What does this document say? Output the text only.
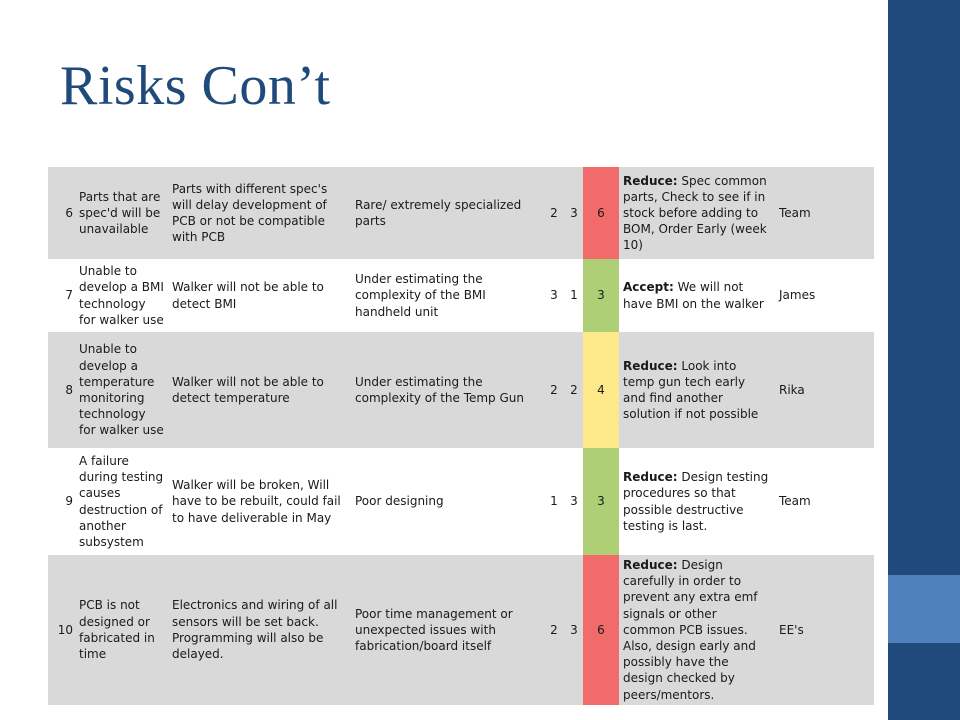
Risks Con’t
6	Parts that are spec'd will be unavailable	Parts with different spec's will delay development of PCB or not be compatible with PCB	Rare/ extremely specialized parts	2	3	6	Reduce: Spec common parts, Check to see if in stock before adding to BOM, Order Early (week 10)	Team
7	Unable to develop a BMI technology for walker use	Walker will not be able to detect BMI	Under estimating the complexity of the BMI handheld unit	3	1	3	Accept: We will not have BMI on the walker	James
8	Unable to develop a temperature monitoring technology for walker use	Walker will not be able to detect temperature	Under estimating the complexity of the Temp Gun	2	2	4	Reduce: Look into temp gun tech early and find another solution if not possible	Rika
9	A failure during testing causes destruction of another subsystem	Walker will be broken, Will have to be rebuilt, could fail to have deliverable in May	Poor designing	1	3	3	Reduce: Design testing procedures so that possible destructive testing is last.	Team
10	PCB is not designed or fabricated in time	Electronics and wiring of all sensors will be set back. Programming will also be delayed.	Poor time management or unexpected issues with fabrication/board itself	2	3	6	Reduce: Design carefully in order to prevent any extra emf signals or other common PCB issues. Also, design early and possibly have the design checked by peers/mentors.	EE's
